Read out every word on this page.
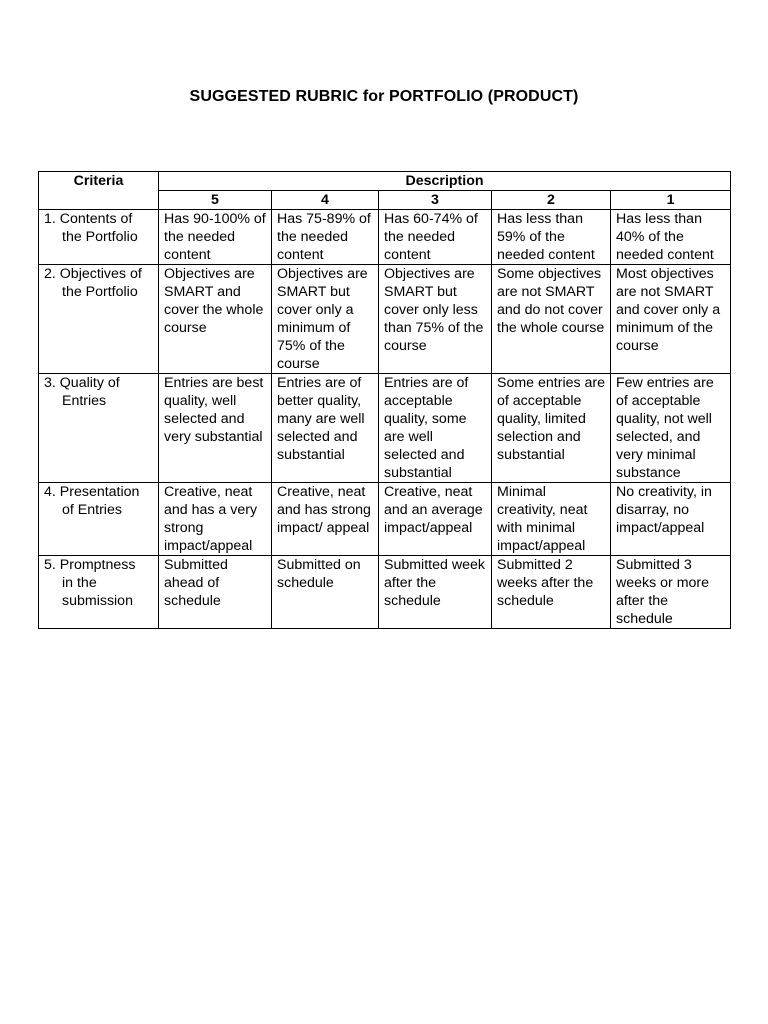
SUGGESTED RUBRIC for PORTFOLIO (PRODUCT)
Criteria	Description				
	5	4	3	2	1

1. Contents of
the Portfolio	Has 90-100% of the needed content	Has 75-89% of the needed content	Has 60-74% of the needed content	Has less than 59% of the needed content	Has less than 40% of the needed content

2. Objectives of
the Portfolio	Objectives are SMART and cover the whole course	Objectives are SMART but cover only a minimum of 75% of the course	Objectives are SMART but cover only less than 75% of the course	Some objectives are not SMART and do not cover the whole course	Most objectives are not SMART and cover only a minimum of the course

3. Quality of
Entries	Entries are best quality, well selected and very substantial	Entries are of better quality, many are well selected and substantial	Entries are of acceptable quality, some are well selected and substantial	Some entries are of acceptable quality, limited selection and substantial	Few entries are of acceptable quality, not well selected, and very minimal substance

4. Presentation
of Entries	Creative, neat and has a very strong impact/appeal	Creative, neat and has strong impact/ appeal	Creative, neat and an average impact/appeal	Minimal creativity, neat with minimal impact/appeal	No creativity, in disarray, no impact/appeal

5. Promptness
in the submission	Submitted ahead of schedule	Submitted on schedule	Submitted week after the schedule	Submitted 2 weeks after the schedule	Submitted 3 weeks or more after the schedule
